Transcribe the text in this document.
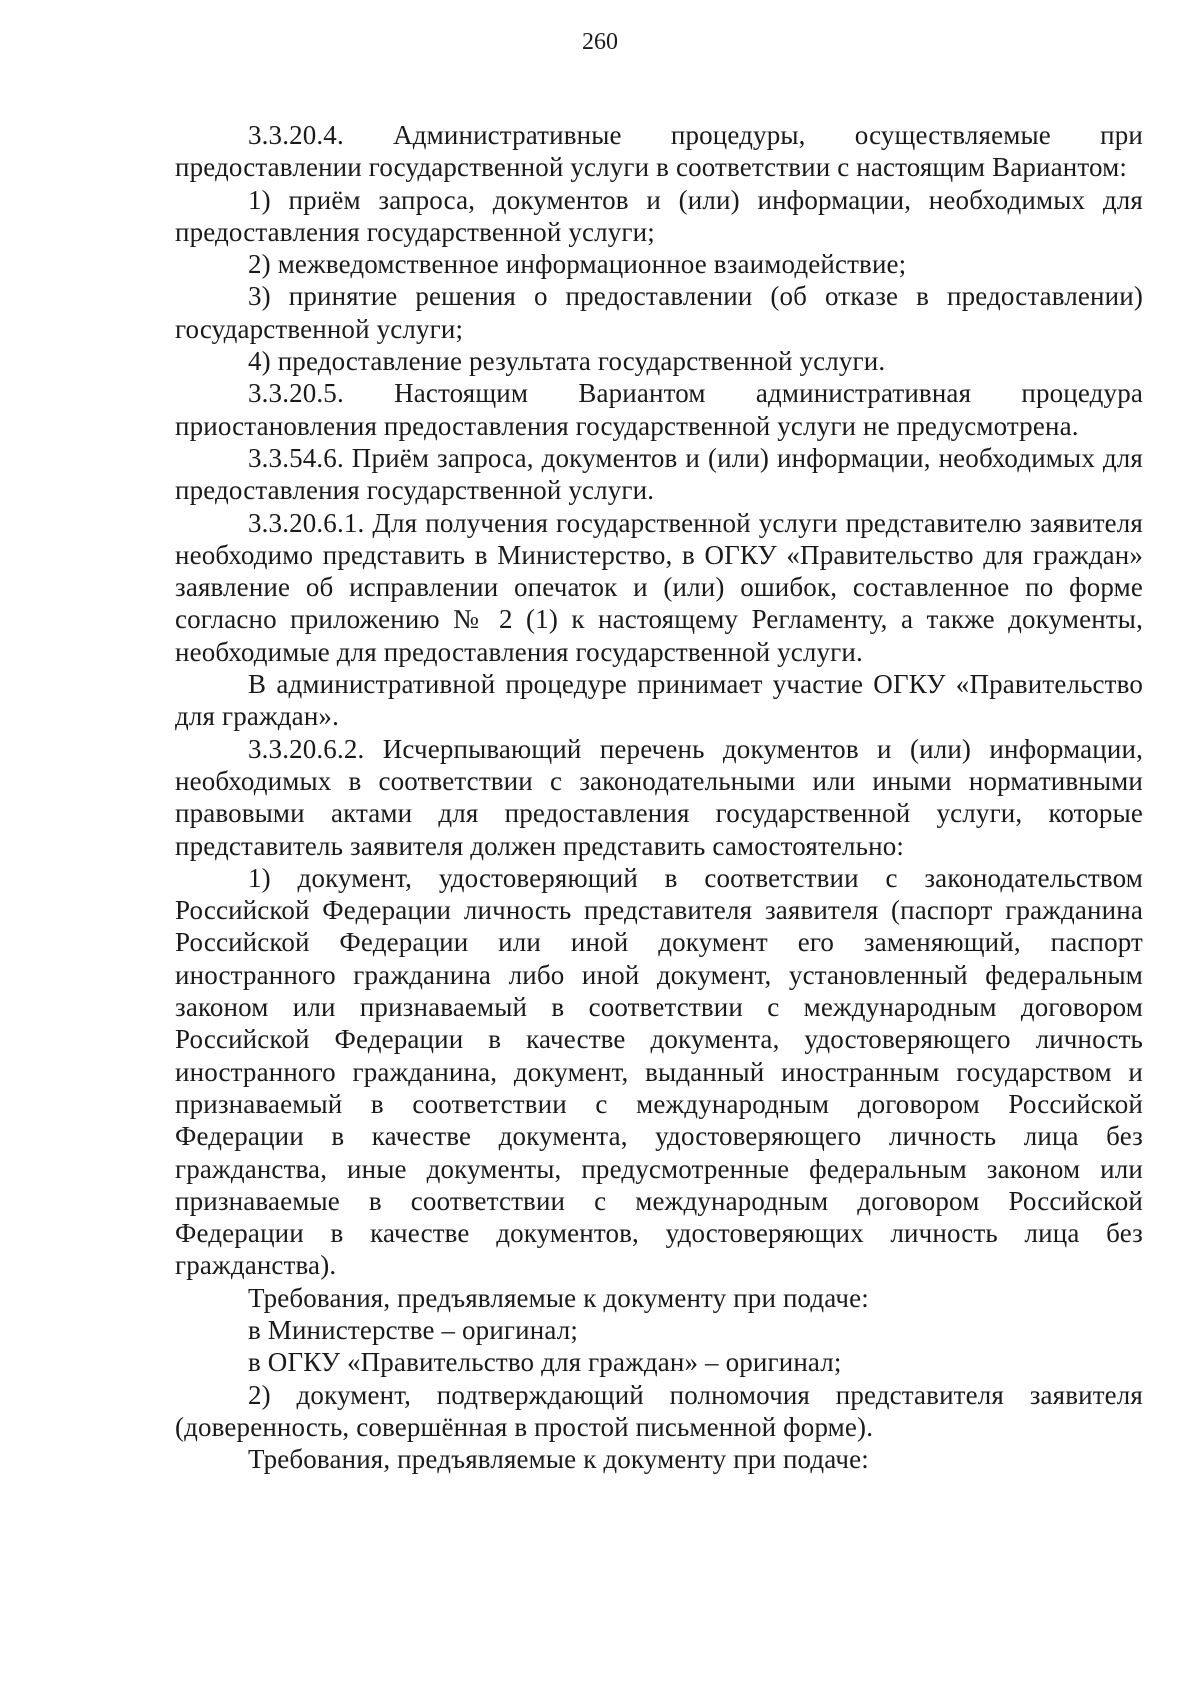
260

3.3.20.4. Административные процедуры, осуществляемые при предоставлении государственной услуги в соответствии с настоящим Вариантом:

1) приём запроса, документов и (или) информации, необходимых для предоставления государственной услуги;

2) межведомственное информационное взаимодействие;

3) принятие решения о предоставлении (об отказе в предоставлении) государственной услуги;

4) предоставление результата государственной услуги.

3.3.20.5. Настоящим Вариантом административная процедура приостановления предоставления государственной услуги не предусмотрена.

3.3.54.6. Приём запроса, документов и (или) информации, необходимых для предоставления государственной услуги.

3.3.20.6.1. Для получения государственной услуги представителю заявителя необходимо представить в Министерство, в ОГКУ «Правительство для граждан» заявление об исправлении опечаток и (или) ошибок, составленное по форме согласно приложению № 2 (1) к настоящему Регламенту, а также документы, необходимые для предоставления государственной услуги.

В административной процедуре принимает участие ОГКУ «Правительство для граждан».

3.3.20.6.2. Исчерпывающий перечень документов и (или) информации, необходимых в соответствии с законодательными или иными нормативными правовыми актами для предоставления государственной услуги, которые представитель заявителя должен представить самостоятельно:

1) документ, удостоверяющий в соответствии с законодательством Российской Федерации личность представителя заявителя (паспорт гражданина Российской Федерации или иной документ его заменяющий, паспорт иностранного гражданина либо иной документ, установленный федеральным законом или признаваемый в соответствии с международным договором Российской Федерации в качестве документа, удостоверяющего личность иностранного гражданина, документ, выданный иностранным государством и признаваемый в соответствии с международным договором Российской Федерации в качестве документа, удостоверяющего личность лица без гражданства, иные документы, предусмотренные федеральным законом или признаваемые в соответствии с международным договором Российской Федерации в качестве документов, удостоверяющих личность лица без гражданства).

Требования, предъявляемые к документу при подаче:

в Министерстве – оригинал;

в ОГКУ «Правительство для граждан» – оригинал;

2) документ, подтверждающий полномочия представителя заявителя (доверенность, совершённая в простой письменной форме).

Требования, предъявляемые к документу при подаче:
